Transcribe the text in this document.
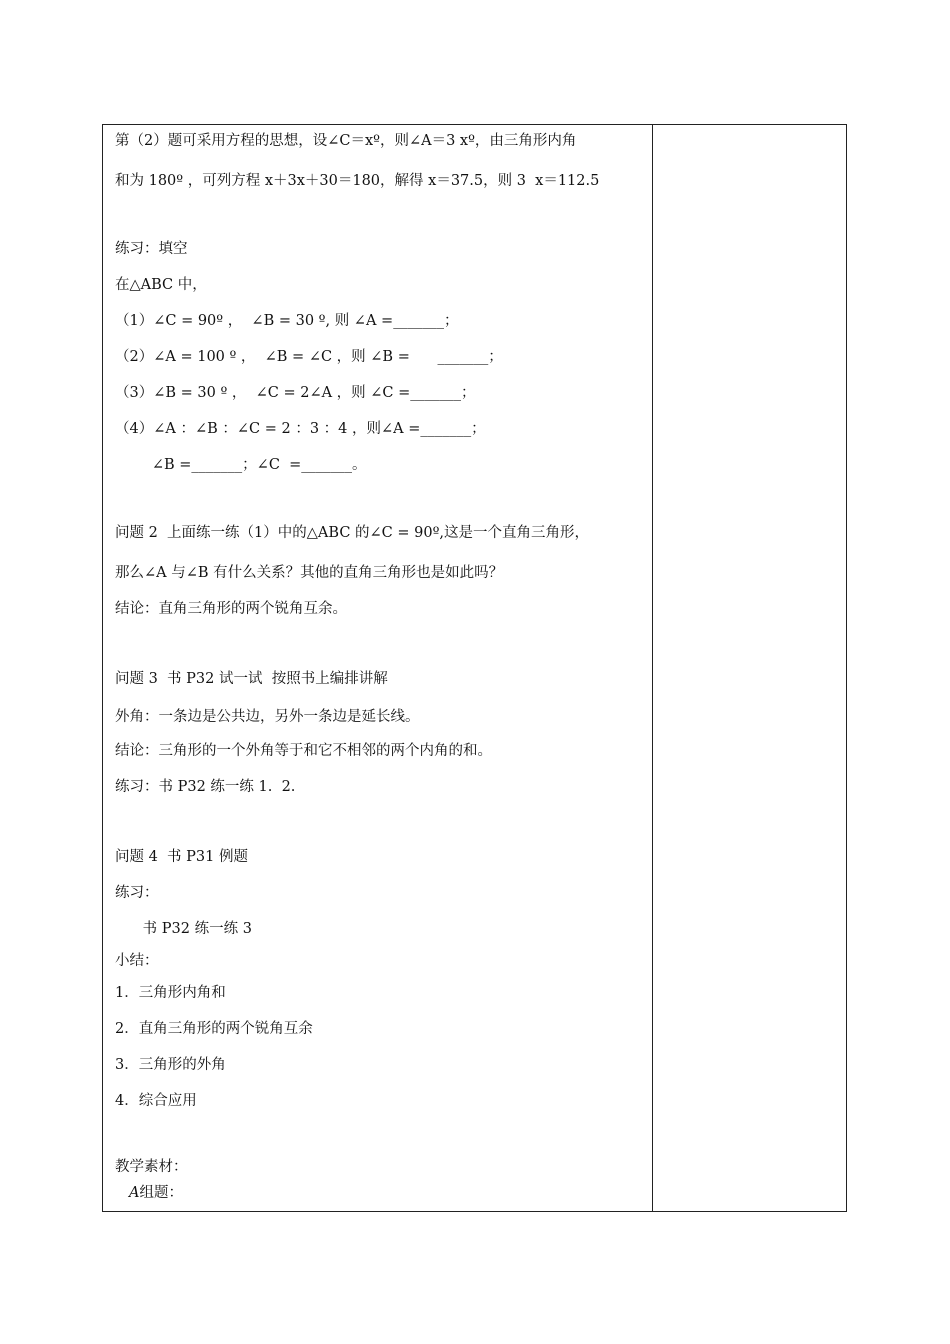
第（2）题可采用方程的思想，设∠C＝xº，则∠A＝3 xº，由三角形内角
和为 180º ，可列方程 x＋3x＋30＝180，解得 x＝37.5，则 3  x＝112.5
练习：填空
在△ABC 中，
（1）∠C = 90º ，  ∠B = 30 º, 则 ∠A =_______；
（2）∠A = 100 º ，  ∠B = ∠C ，则 ∠B =      _______；
（3）∠B = 30 º ，  ∠C = 2∠A ，则 ∠C =_______；
（4）∠A ：∠B ：∠C = 2 ：3 ：4 ，则∠A =_______；
∠B =_______；∠C  =_______。
问题 2  上面练一练（1）中的△ABC 的∠C = 90º,这是一个直角三角形，
那么∠A 与∠B 有什么关系？其他的直角三角形也是如此吗？
结论：直角三角形的两个锐角互余。
问题 3  书 P32 试一试  按照书上编排讲解
外角：一条边是公共边，另外一条边是延长线。
结论：三角形的一个外角等于和它不相邻的两个内角的和。
练习：书 P32 练一练 1.  2.
问题 4  书 P31 例题
练习：
书 P32 练一练 3
小结：
1．三角形内角和
2．直角三角形的两个锐角互余
3．三角形的外角
4．综合应用
教学素材：
A组题：
